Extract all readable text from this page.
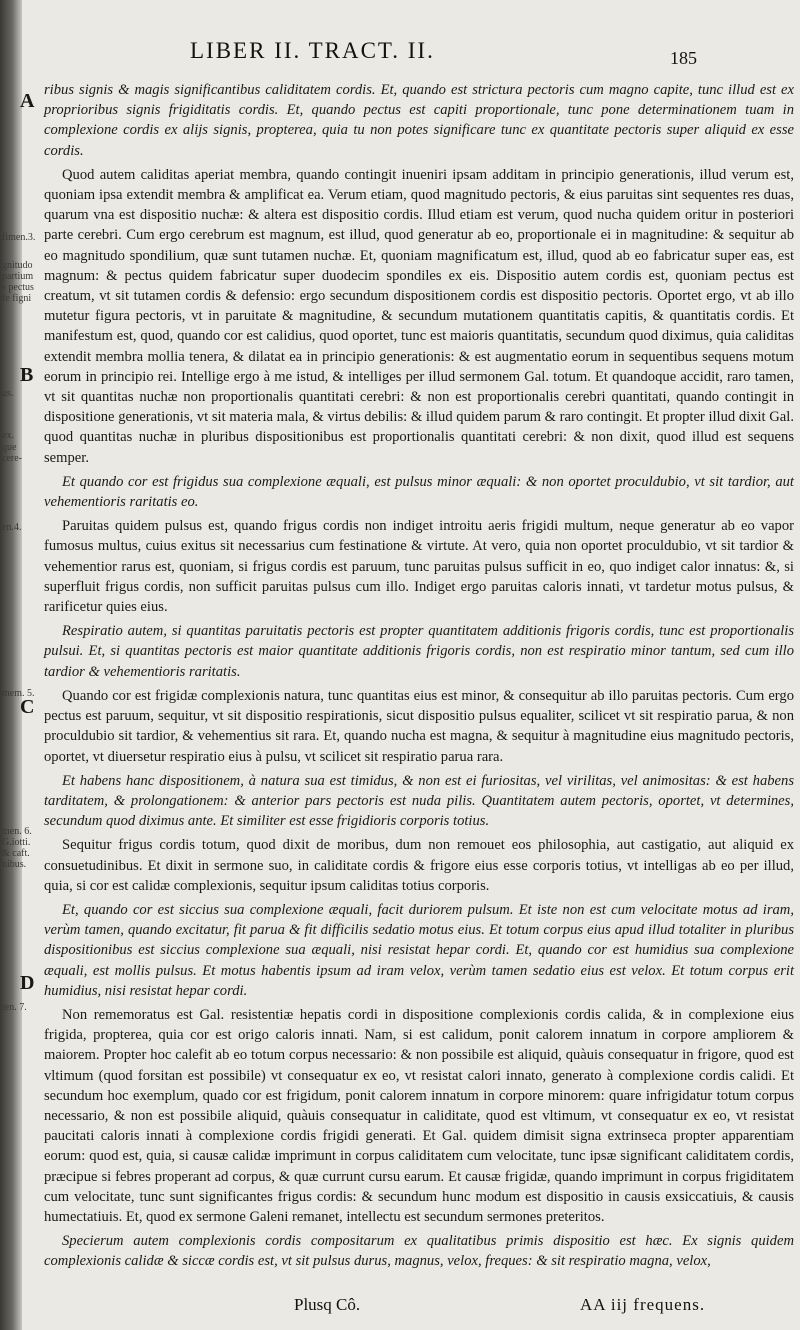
fimen.3.
gnitudo
partium
s pectus
fe figni
us.
ex.
que
cere-
en.4.
mem. 5.
men. 6.
G.iotti.
& caft.
nibus.
ten. 7.
A
B
C
D
LIBER II. TRACT. II.	185

ribus signis & magis significantibus caliditatem cordis. Et, quando est strictura pectoris cum magno capite, tunc illud est ex proprioribus signis frigiditatis cordis. Et, quando pectus est capiti proportionale, tunc pone determinationem tuam in complexione cordis ex alijs signis, propterea, quia tu non potes significare tunc ex quantitate pectoris super aliquid ex esse cordis.

Quod autem caliditas aperiat membra, quando contingit inueniri ipsam additam in principio generationis, illud verum est, quoniam ipsa extendit membra & amplificat ea. Verum etiam, quod magnitudo pectoris, & eius paruitas sint sequentes res duas, quarum vna est dispositio nuchæ: & altera est dispositio cordis. Illud etiam est verum, quod nucha quidem oritur in posteriori parte cerebri. Cum ergo cerebrum est magnum, est illud, quod generatur ab eo, proportionale ei in magnitudine: & sequitur ab eo magnitudo spondilium, quæ sunt tutamen nuchæ. Et, quoniam magnificatum est, illud, quod ab eo fabricatur super eas, est magnum: & pectus quidem fabricatur super duodecim spondiles ex eis. Dispositio autem cordis est, quoniam pectus est creatum, vt sit tutamen cordis & defensio: ergo secundum dispositionem cordis est dispositio pectoris. Oportet ergo, vt ab illo mutetur figura pectoris, vt in paruitate & magnitudine, & secundum mutationem quantitatis capitis, & quantitatis cordis. Et manifestum est, quod, quando cor est calidius, quod oportet, tunc est maioris quantitatis, secundum quod diximus, quia caliditas extendit membra mollia tenera, & dilatat ea in principio generationis: & est augmentatio eorum in sequentibus sequens motum eorum in principio rei. Intellige ergo à me istud, & intelliges per illud sermonem Gal. totum. Et quandoque accidit, raro tamen, vt sit quantitas nuchæ non proportionalis quantitati cerebri: & non est proportionalis cerebri quantitati, quando contingit in dispositione generationis, vt sit materia mala, & virtus debilis: & illud quidem parum & raro contingit. Et propter illud dixit Gal. quod quantitas nuchæ in pluribus dispositionibus est proportionalis quantitati cerebri: & non dixit, quod illud est sequens semper.

Et quando cor est frigidus sua complexione æquali, est pulsus minor æquali: & non oportet proculdubio, vt sit tardior, aut vehementioris raritatis eo.

Paruitas quidem pulsus est, quando frigus cordis non indiget introitu aeris frigidi multum, neque generatur ab eo vapor fumosus multus, cuius exitus sit necessarius cum festinatione & virtute. At vero, quia non oportet proculdubio, vt sit tardior & vehementior rarus est, quoniam, si frigus cordis est paruum, tunc paruitas pulsus sufficit in eo, quo indiget calor innatus: &, si superfluit frigus cordis, non sufficit paruitas pulsus cum illo. Indiget ergo paruitas caloris innati, vt tardetur motus pulsus, & rarificetur quies eius.

Respiratio autem, si quantitas paruitatis pectoris est propter quantitatem additionis frigoris cordis, tunc est proportionalis pulsui. Et, si quantitas pectoris est maior quantitate additionis frigoris cordis, non est respiratio minor tantum, sed cum illo tardior & vehementioris raritatis.

Quando cor est frigidæ complexionis natura, tunc quantitas eius est minor, & consequitur ab illo paruitas pectoris. Cum ergo pectus est paruum, sequitur, vt sit dispositio respirationis, sicut dispositio pulsus equaliter, scilicet vt sit respiratio parua, & non proculdubio sit tardior, & vehementius sit rara. Et, quando nucha est magna, & sequitur à magnitudine eius magnitudo pectoris, oportet, vt diuersetur respiratio eius à pulsu, vt scilicet sit respiratio parua rara.

Et habens hanc dispositionem, à natura sua est timidus, & non est ei furiositas, vel virilitas, vel animositas: & est habens tarditatem, & prolongationem: & anterior pars pectoris est nuda pilis. Quantitatem autem pectoris, oportet, vt determines, secundum quod diximus ante. Et similiter est esse frigidioris corporis totius.

Sequitur frigus cordis totum, quod dixit de moribus, dum non remouet eos philosophia, aut castigatio, aut aliquid ex consuetudinibus. Et dixit in sermone suo, in caliditate cordis & frigore eius esse corporis totius, vt intelligas ab eo per illud, quia, si cor est calidæ complexionis, sequitur ipsum caliditas totius corporis.

Et, quando cor est siccius sua complexione æquali, facit duriorem pulsum. Et iste non est cum velocitate motus ad iram, verùm tamen, quando excitatur, fit parua & fit difficilis sedatio motus eius. Et totum corpus eius apud illud totaliter in pluribus dispositionibus est siccius complexione sua æquali, nisi resistat hepar cordi. Et, quando cor est humidius sua complexione æquali, est mollis pulsus. Et motus habentis ipsum ad iram velox, verùm tamen sedatio eius est velox. Et totum corpus erit humidius, nisi resistat hepar cordi.

Non rememoratus est Gal. resistentiæ hepatis cordi in dispositione complexionis cordis calida, & in complexione eius frigida, propterea, quia cor est origo caloris innati. Nam, si est calidum, ponit calorem innatum in corpore ampliorem & maiorem. Propter hoc calefit ab eo totum corpus necessario: & non possibile est aliquid, quàuis consequatur in frigore, quod est vltimum (quod forsitan est possibile) vt consequatur ex eo, vt resistat calori innato, generato à complexione cordis calidi. Et secundum hoc exemplum, quado cor est frigidum, ponit calorem innatum in corpore minorem: quare infrigidatur totum corpus necessario, & non est possibile aliquid, quàuis consequatur in caliditate, quod est vltimum, vt consequatur ex eo, vt resistat paucitati caloris innati à complexione cordis frigidi generati. Et Gal. quidem dimisit signa extrinseca propter apparentiam eorum: quod est, quia, si causæ calidæ imprimunt in corpus caliditatem cum velocitate, tunc ipsæ significant caliditatem cordis, præcipue si febres properant ad corpus, & quæ currunt cursu earum. Et causæ frigidæ, quando imprimunt in corpus frigiditatem cum velocitate, tunc sunt significantes frigus cordis: & secundum hunc modum est dispositio in causis exsiccatiuis, & causis humectatiuis. Et, quod ex sermone Galeni remanet, intellectu est secundum sermones preteritos.

Specierum autem complexionis cordis compositarum ex qualitatibus primis dispositio est hæc. Ex signis quidem complexionis calidæ & siccæ cordis est, vt sit pulsus durus, magnus, velox, freques: & sit respiratio magna, velox,

Plusq Cô.	AA iij frequens.
